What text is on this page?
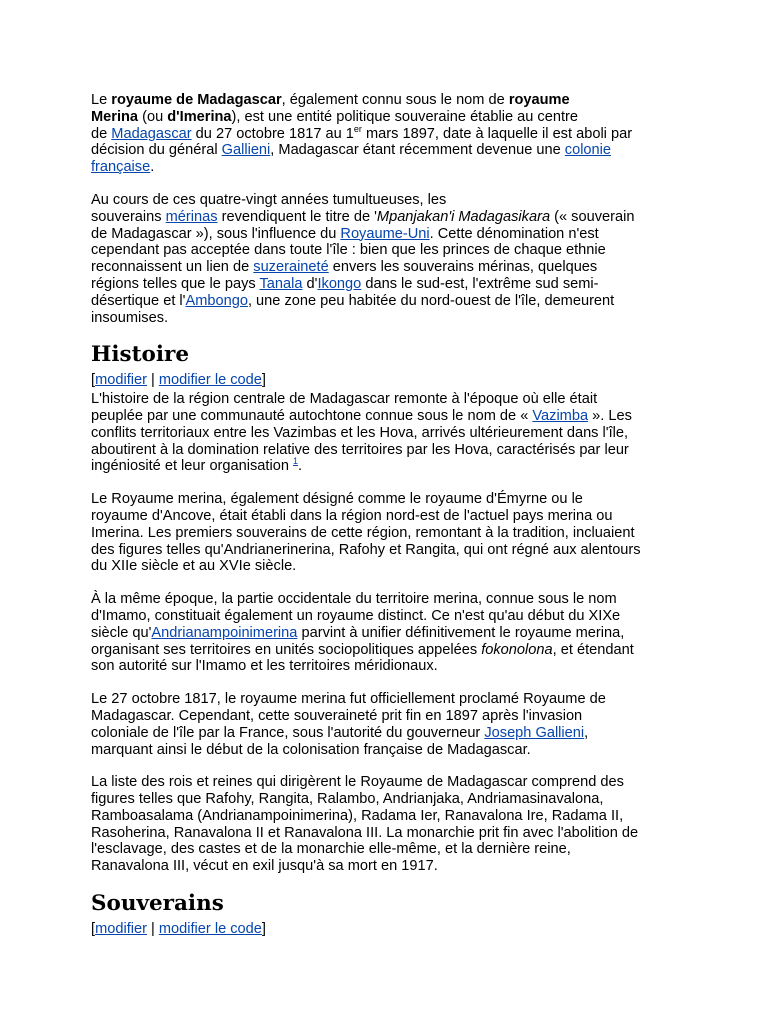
Le royaume de Madagascar, également connu sous le nom de royaume
Merina (ou d'Imerina), est une entité politique souveraine établie au centre
de Madagascar du 27 octobre 1817 au 1er mars 1897, date à laquelle il est aboli par
décision du général Gallieni, Madagascar étant récemment devenue une colonie
française.

Au cours de ces quatre-vingt années tumultueuses, les
souverains mérinas revendiquent le titre de 'Mpanjakan'i Madagasikara (« souverain
de Madagascar »), sous l'influence du Royaume-Uni. Cette dénomination n'est
cependant pas acceptée dans toute l'île : bien que les princes de chaque ethnie
reconnaissent un lien de suzeraineté envers les souverains mérinas, quelques
régions telles que le pays Tanala d'Ikongo dans le sud-est, l'extrême sud semi-
désertique et l'Ambongo, une zone peu habitée du nord-ouest de l'île, demeurent
insoumises.

Histoire
[modifier | modifier le code]

L'histoire de la région centrale de Madagascar remonte à l'époque où elle était
peuplée par une communauté autochtone connue sous le nom de « Vazimba ». Les
conflits territoriaux entre les Vazimbas et les Hova, arrivés ultérieurement dans l'île,
aboutirent à la domination relative des territoires par les Hova, caractérisés par leur
ingéniosité et leur organisation $^1$.

Le Royaume merina, également désigné comme le royaume d'Émyrne ou le
royaume d'Ancove, était établi dans la région nord-est de l'actuel pays merina ou
Imerina. Les premiers souverains de cette région, remontant à la tradition, incluaient
des figures telles qu'Andrianerinerina, Rafohy et Rangita, qui ont régné aux alentours
du XIIe siècle et au XVIe siècle.

À la même époque, la partie occidentale du territoire merina, connue sous le nom
d'Imamo, constituait également un royaume distinct. Ce n'est qu'au début du XIXe
siècle qu'Andrianampoinimerina parvint à unifier définitivement le royaume merina,
organisant ses territoires en unités sociopolitiques appelées fokonolona, et étendant
son autorité sur l'Imamo et les territoires méridionaux.

Le 27 octobre 1817, le royaume merina fut officiellement proclamé Royaume de
Madagascar. Cependant, cette souveraineté prit fin en 1897 après l'invasion
coloniale de l'île par la France, sous l'autorité du gouverneur Joseph Gallieni,
marquant ainsi le début de la colonisation française de Madagascar.

La liste des rois et reines qui dirigèrent le Royaume de Madagascar comprend des
figures telles que Rafohy, Rangita, Ralambo, Andrianjaka, Andriamasinavalona,
Ramboasalama (Andrianampoinimerina), Radama Ier, Ranavalona Ire, Radama II,
Rasoherina, Ranavalona II et Ranavalona III. La monarchie prit fin avec l'abolition de
l'esclavage, des castes et de la monarchie elle-même, et la dernière reine,
Ranavalona III, vécut en exil jusqu'à sa mort en 1917.

Souverains
[modifier | modifier le code]
